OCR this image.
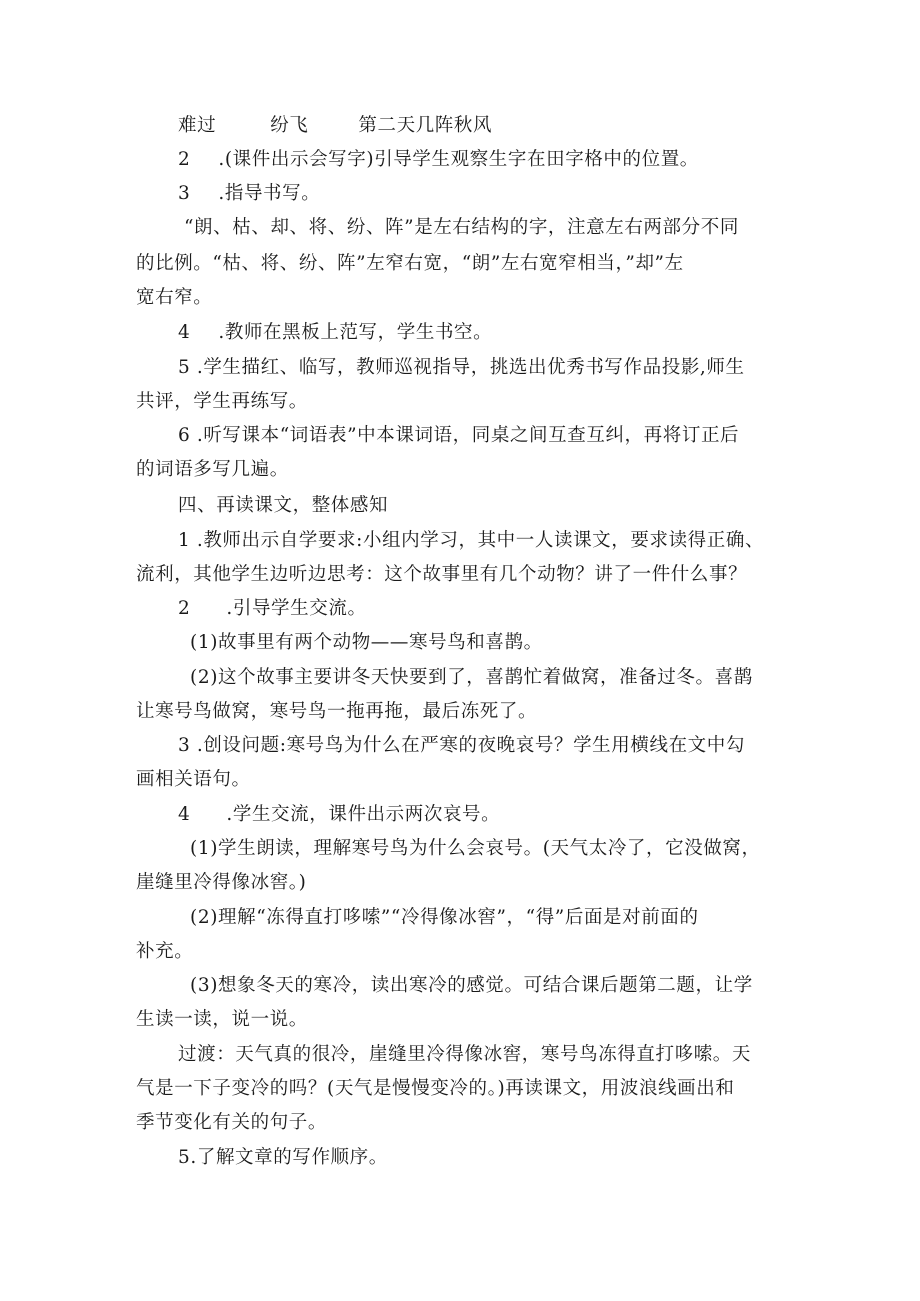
难过	纷飞	第二天几阵秋风
2 .(课件出示会写字)引导学生观察生字在田字格中的位置。
3 .指导书写。
“朗、枯、却、将、纷、阵”是左右结构的字，注意左右两部分不同
的比例。“枯、将、纷、阵”左窄右宽，“朗”左右宽窄相当，”却”左
宽右窄。
4 .教师在黑板上范写，学生书空。
5 .学生描红、临写，教师巡视指导，挑选出优秀书写作品投影,师生
共评，学生再练写。
6 .听写课本“词语表”中本课词语，同桌之间互查互纠，再将订正后
的词语多写几遍。
四、再读课文，整体感知
1 .教师出示自学要求:小组内学习，其中一人读课文，要求读得正确、
流利，其他学生边听边思考：这个故事里有几个动物？讲了一件什么事？
2 .引导学生交流。
(1)故事里有两个动物——寒号鸟和喜鹊。
(2)这个故事主要讲冬天快要到了，喜鹊忙着做窝，准备过冬。喜鹊
让寒号鸟做窝，寒号鸟一拖再拖，最后冻死了。
3 .创设问题:寒号鸟为什么在严寒的夜晚哀号？学生用横线在文中勾
画相关语句。
4 .学生交流，课件出示两次哀号。
(1)学生朗读，理解寒号鸟为什么会哀号。(天气太冷了，它没做窝，
崖缝里冷得像冰窖。)
(2)理解“冻得直打哆嗦”“冷得像冰窖”，“得”后面是对前面的
补充。
(3)想象冬天的寒冷，读出寒冷的感觉。可结合课后题第二题，让学
生读一读，说一说。
过渡：天气真的很冷，崖缝里冷得像冰窖，寒号鸟冻得直打哆嗦。天
气是一下子变冷的吗？(天气是慢慢变冷的。)再读课文，用波浪线画出和
季节变化有关的句子。
5.了解文章的写作顺序。
